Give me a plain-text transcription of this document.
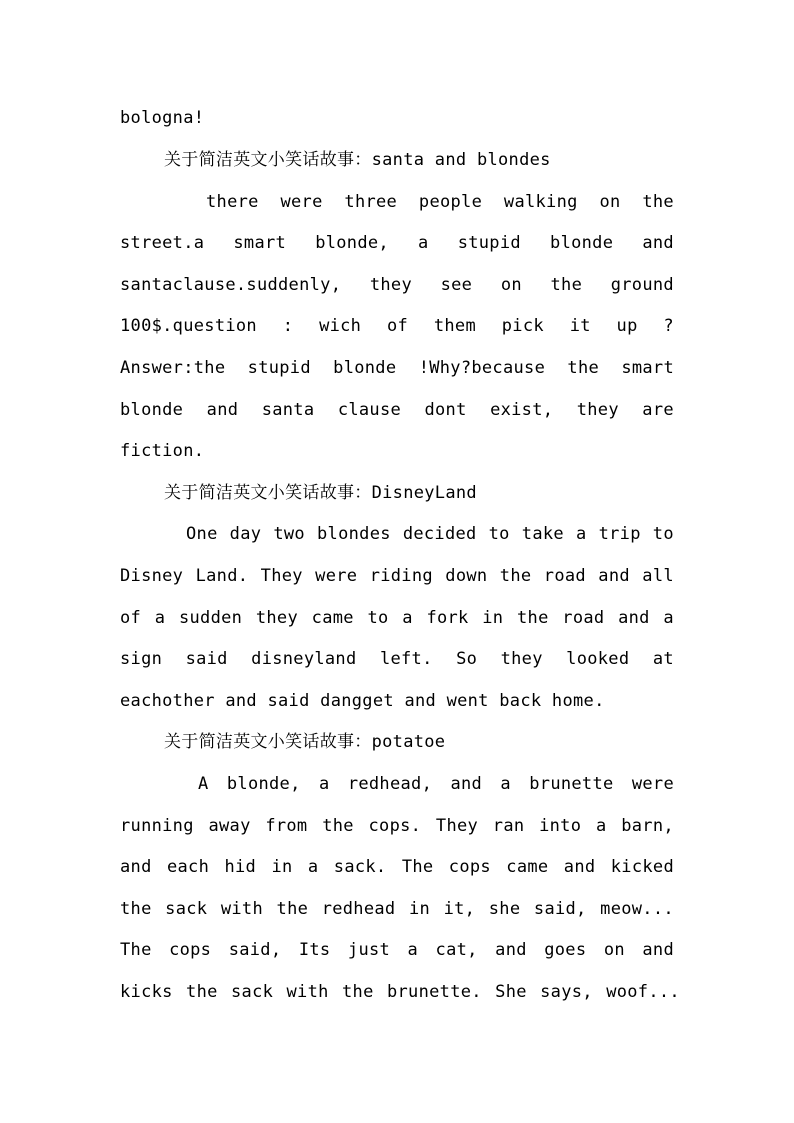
bologna!

关于简洁英文小笑话故事：santa and blondes

there were three people walking on the
street.a smart blonde, a stupid blonde and
santaclause.suddenly, they see on the ground
100$.question : wich of them pick it up ?
Answer:the stupid blonde !Why?because the smart
blonde and santa clause dont exist, they are

fiction.

关于简洁英文小笑话故事：DisneyLand

One day two blondes decided to take a trip to
Disney Land. They were riding down the road and all
of a sudden they came to a fork in the road and a
sign said disneyland left. So they looked at

eachother and said dangget and went back home.

关于简洁英文小笑话故事：potatoe

A blonde, a redhead, and a brunette were
running away from the cops. They ran into a barn,
and each hid in a sack. The cops came and kicked
the sack with the redhead in it, she said, meow...
The cops said, Its just a cat, and goes on and
kicks the sack with the brunette. She says, woof...
